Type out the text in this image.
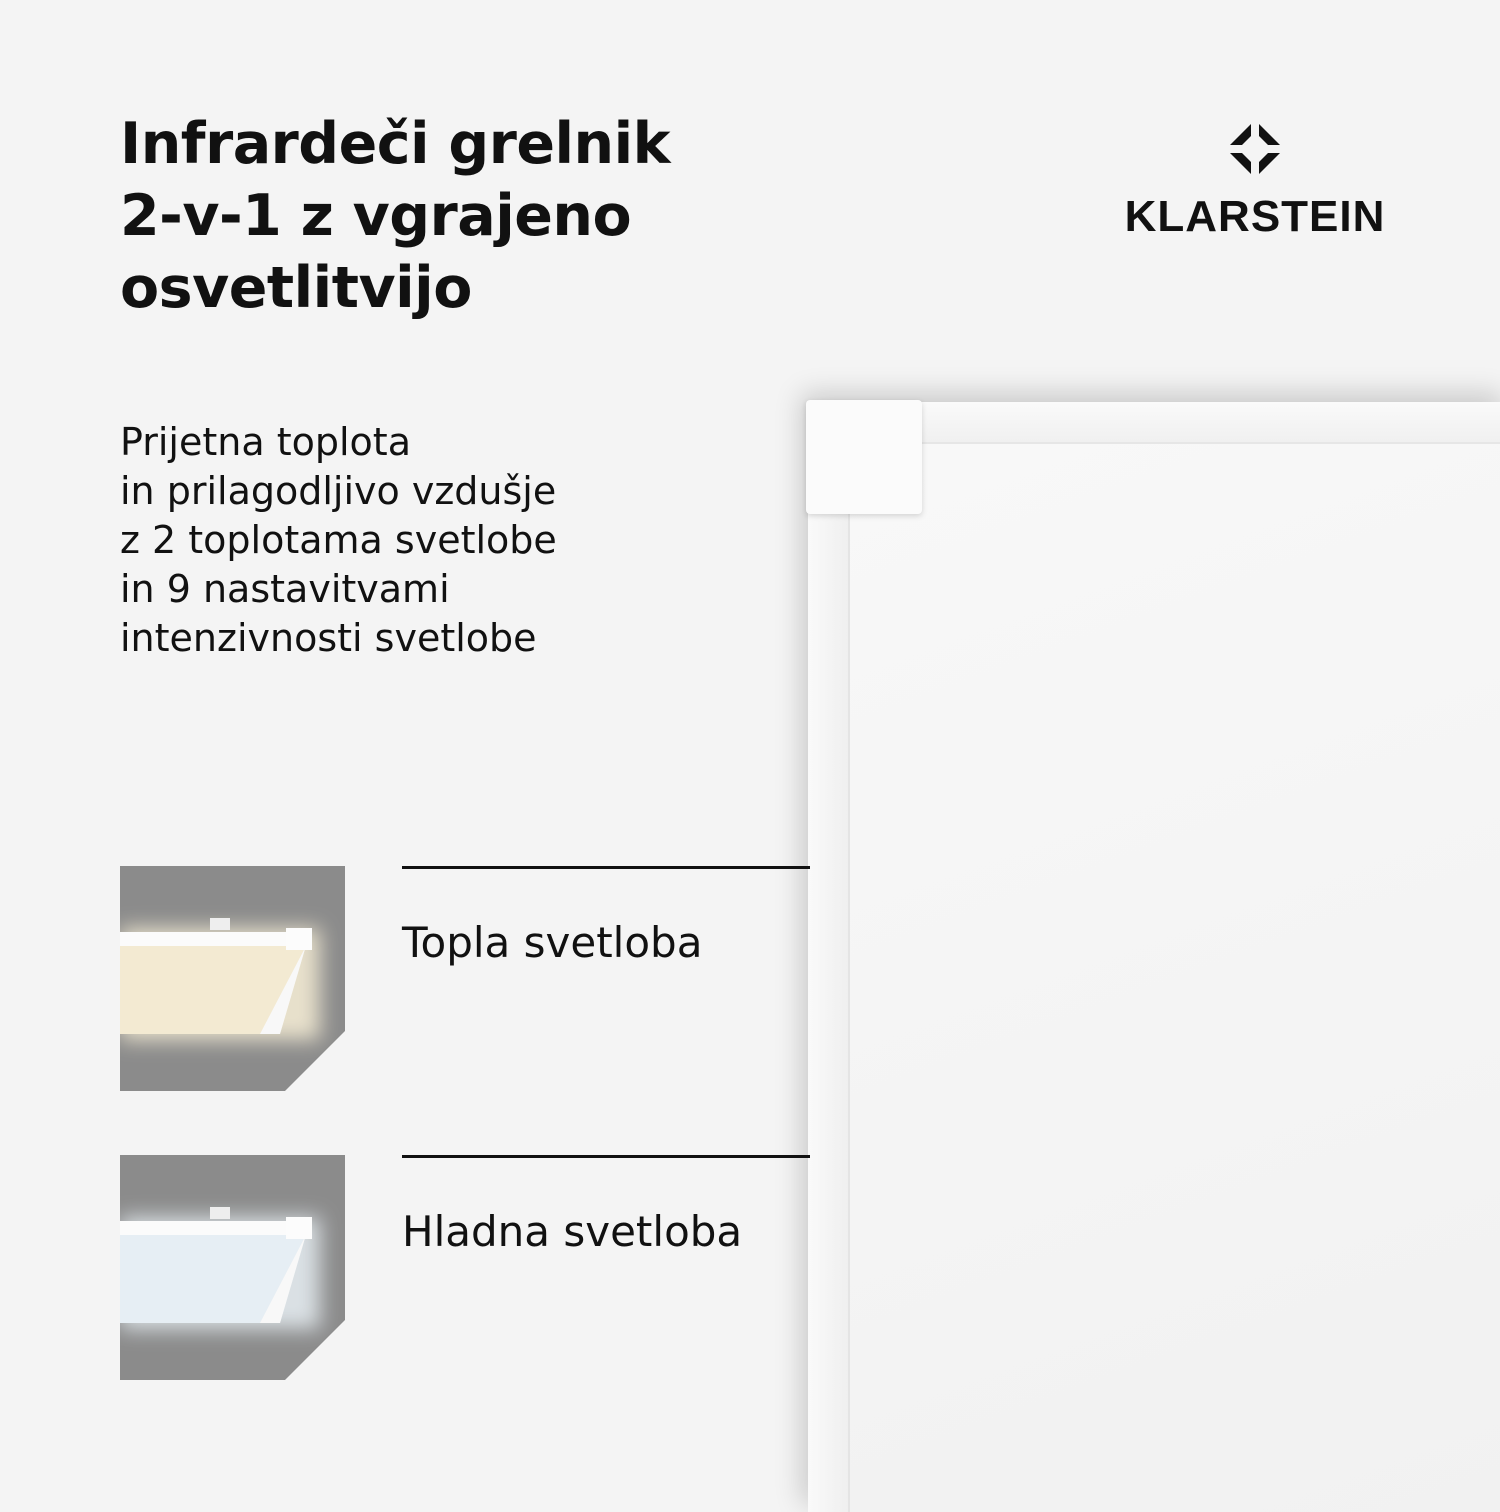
Infrardeči grelnik
2-v-1 z vgrajeno
osvetlitvijo

Prijetna toplota
in prilagodljivo vzdušje
z 2 toplotama svetlobe
in 9 nastavitvami
intenzivnosti svetlobe

KLARSTEIN

Topla svetloba

Hladna svetloba
